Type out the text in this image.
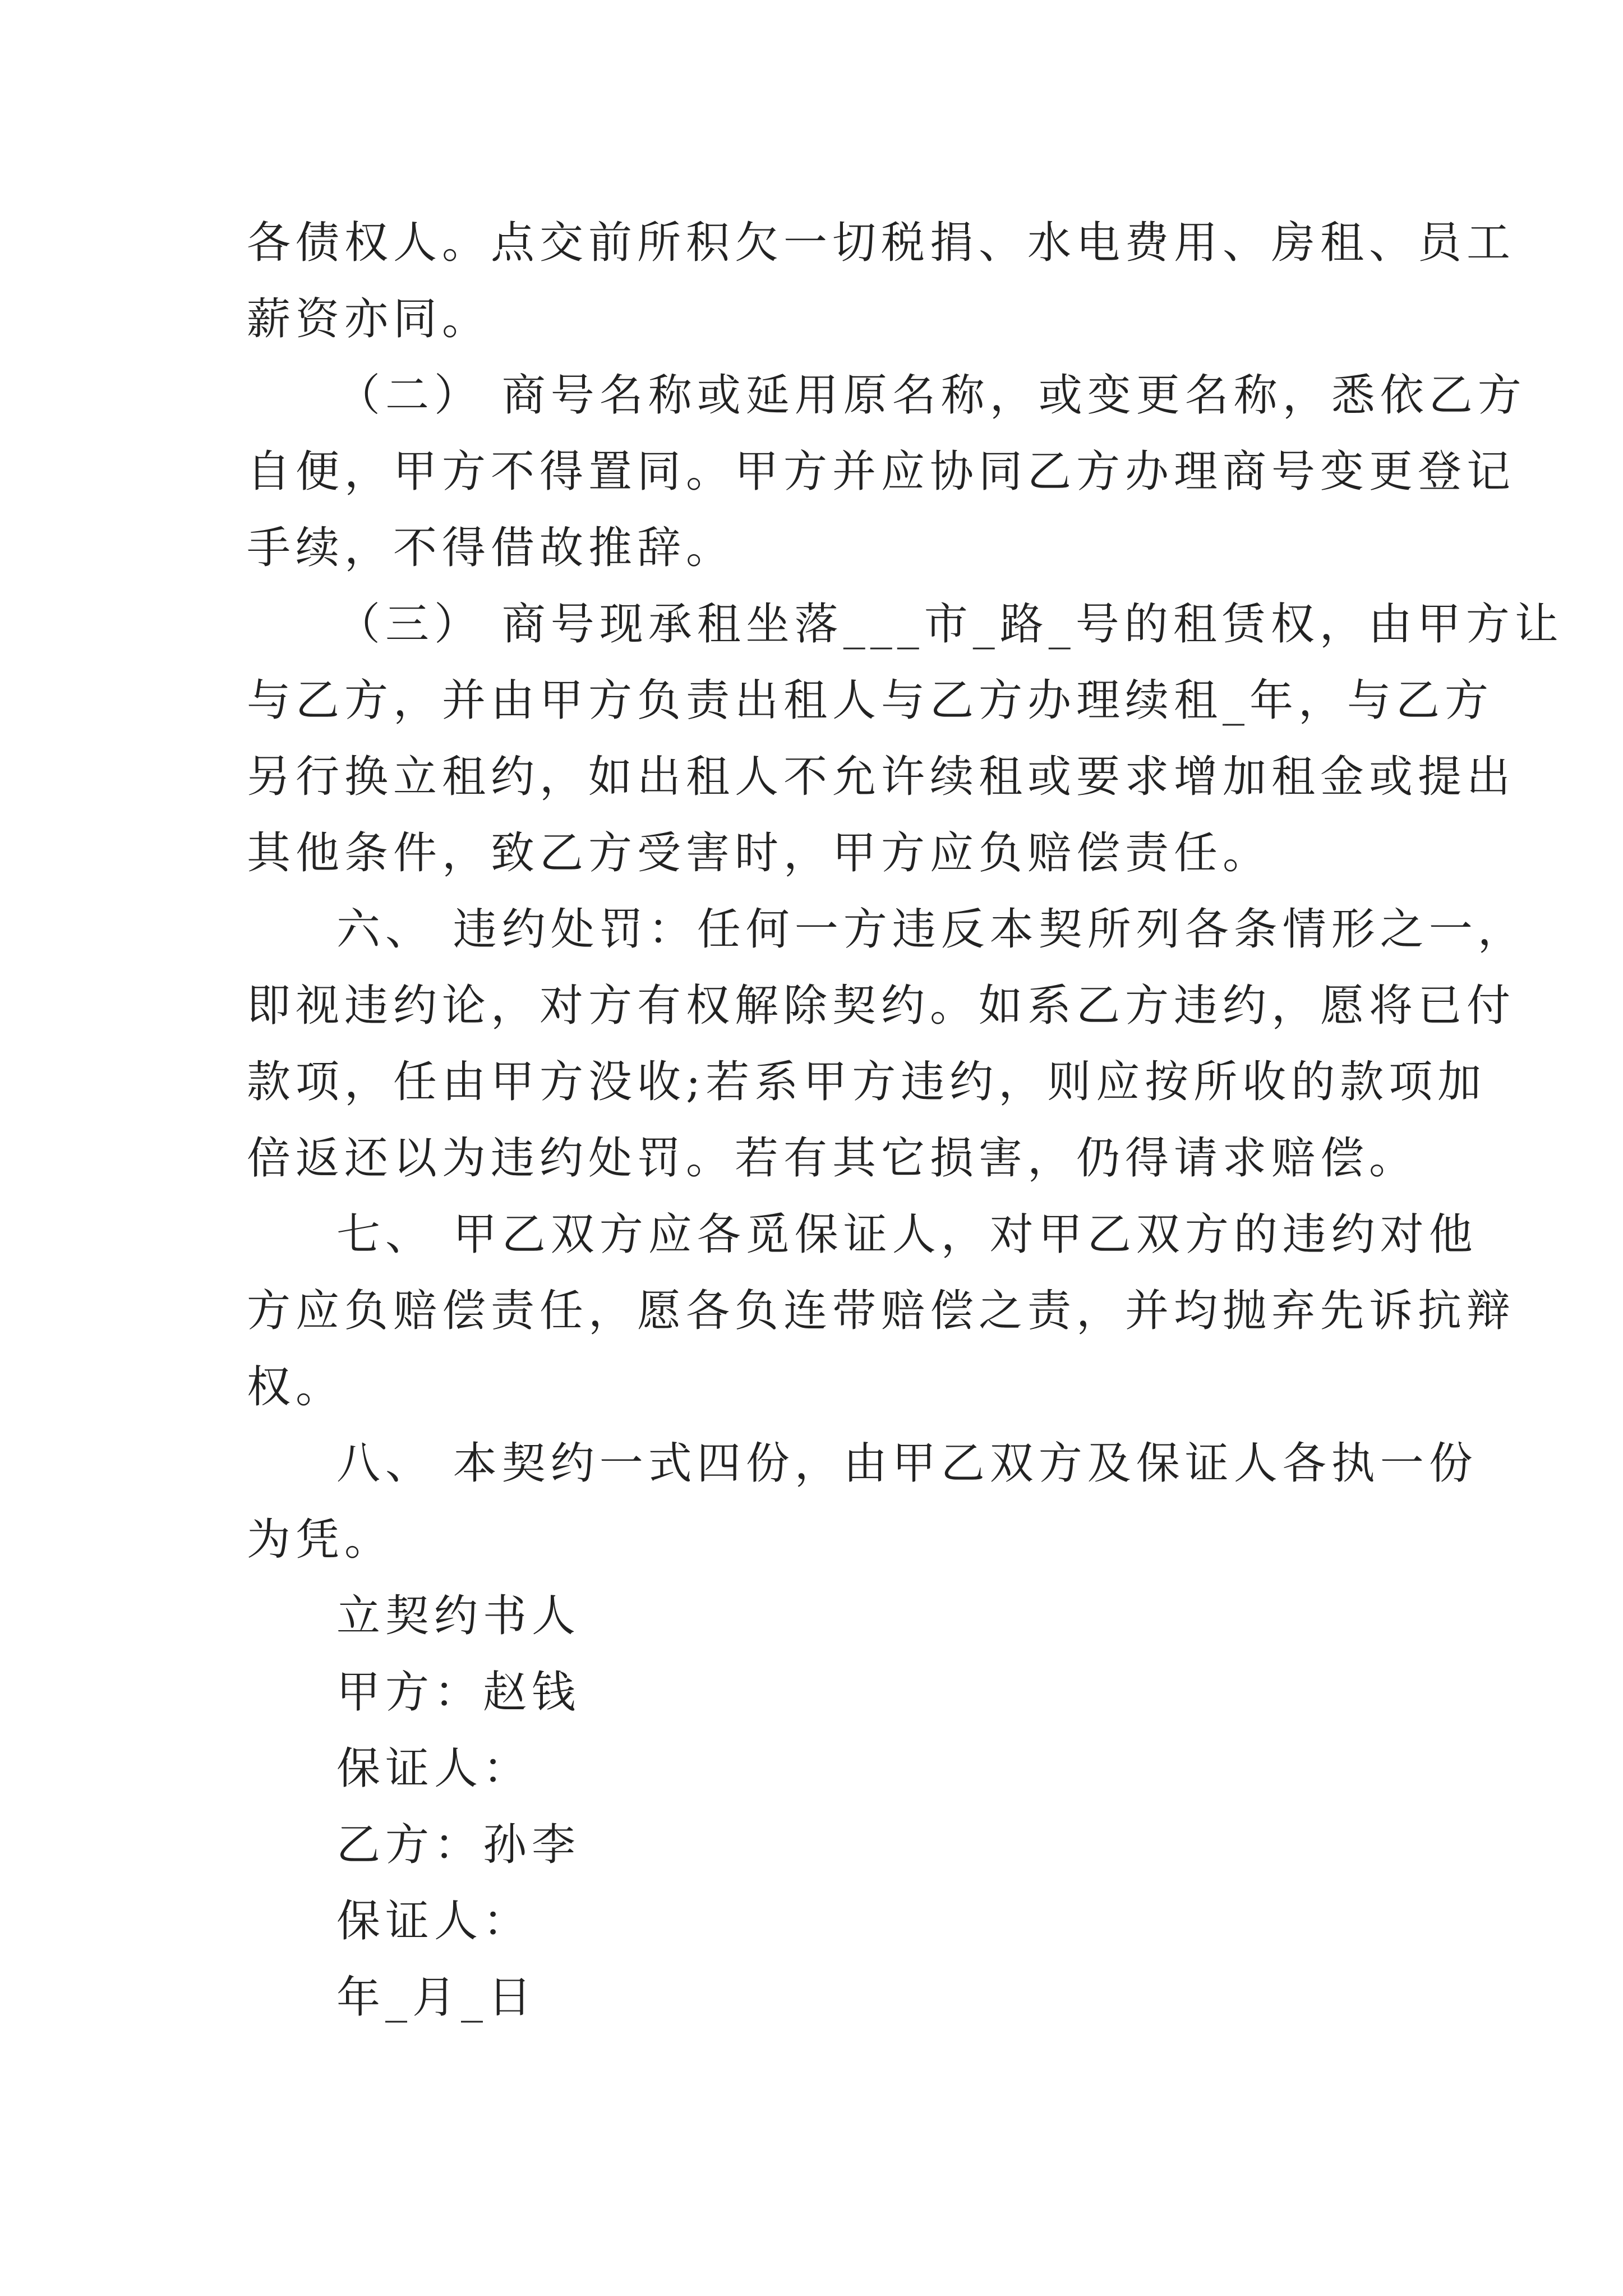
各债权人。点交前所积欠一切税捐、水电费用、房租、员工
薪资亦同。
（二） 商号名称或延用原名称，或变更名称，悉依乙方
自便，甲方不得置同。甲方并应协同乙方办理商号变更登记
手续，不得借故推辞。
（三） 商号现承租坐落___市_路_号的租赁权，由甲方让
与乙方，并由甲方负责出租人与乙方办理续租_年，与乙方
另行换立租约，如出租人不允许续租或要求增加租金或提出
其他条件，致乙方受害时，甲方应负赔偿责任。
六、 违约处罚：任何一方违反本契所列各条情形之一，
即视违约论，对方有权解除契约。如系乙方违约，愿将已付
款项，任由甲方没收;若系甲方违约，则应按所收的款项加
倍返还以为违约处罚。若有其它损害，仍得请求赔偿。
七、 甲乙双方应各觅保证人，对甲乙双方的违约对他
方应负赔偿责任，愿各负连带赔偿之责，并均抛弃先诉抗辩
权。
八、 本契约一式四份，由甲乙双方及保证人各执一份
为凭。
立契约书人
甲方：赵钱
保证人：
乙方：孙李
保证人：
年_月_日
